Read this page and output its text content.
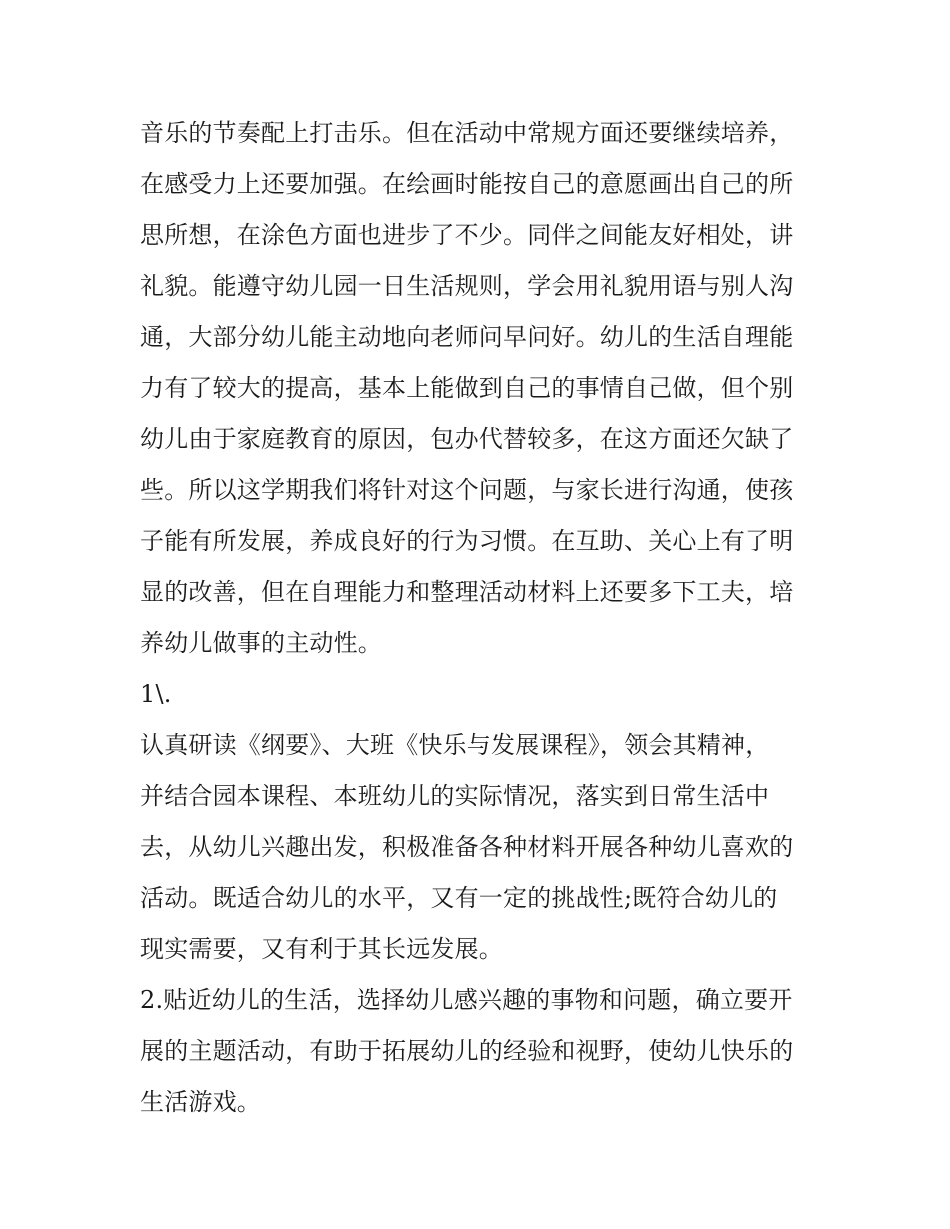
音乐的节奏配上打击乐。但在活动中常规方面还要继续培养，
在感受力上还要加强。在绘画时能按自己的意愿画出自己的所
思所想，在涂色方面也进步了不少。同伴之间能友好相处，讲
礼貌。能遵守幼儿园一日生活规则，学会用礼貌用语与别人沟
通，大部分幼儿能主动地向老师问早问好。幼儿的生活自理能
力有了较大的提高，基本上能做到自己的事情自己做，但个别
幼儿由于家庭教育的原因，包办代替较多，在这方面还欠缺了
些。所以这学期我们将针对这个问题，与家长进行沟通，使孩
子能有所发展，养成良好的行为习惯。在互助、关心上有了明
显的改善，但在自理能力和整理活动材料上还要多下工夫，培
养幼儿做事的主动性。
1\.
认真研读《纲要》、大班《快乐与发展课程》，领会其精神，
并结合园本课程、本班幼儿的实际情况，落实到日常生活中
去，从幼儿兴趣出发，积极准备各种材料开展各种幼儿喜欢的
活动。既适合幼儿的水平，又有一定的挑战性;既符合幼儿的
现实需要，又有利于其长远发展。
2.贴近幼儿的生活，选择幼儿感兴趣的事物和问题，确立要开
展的主题活动，有助于拓展幼儿的经验和视野，使幼儿快乐的
生活游戏。
